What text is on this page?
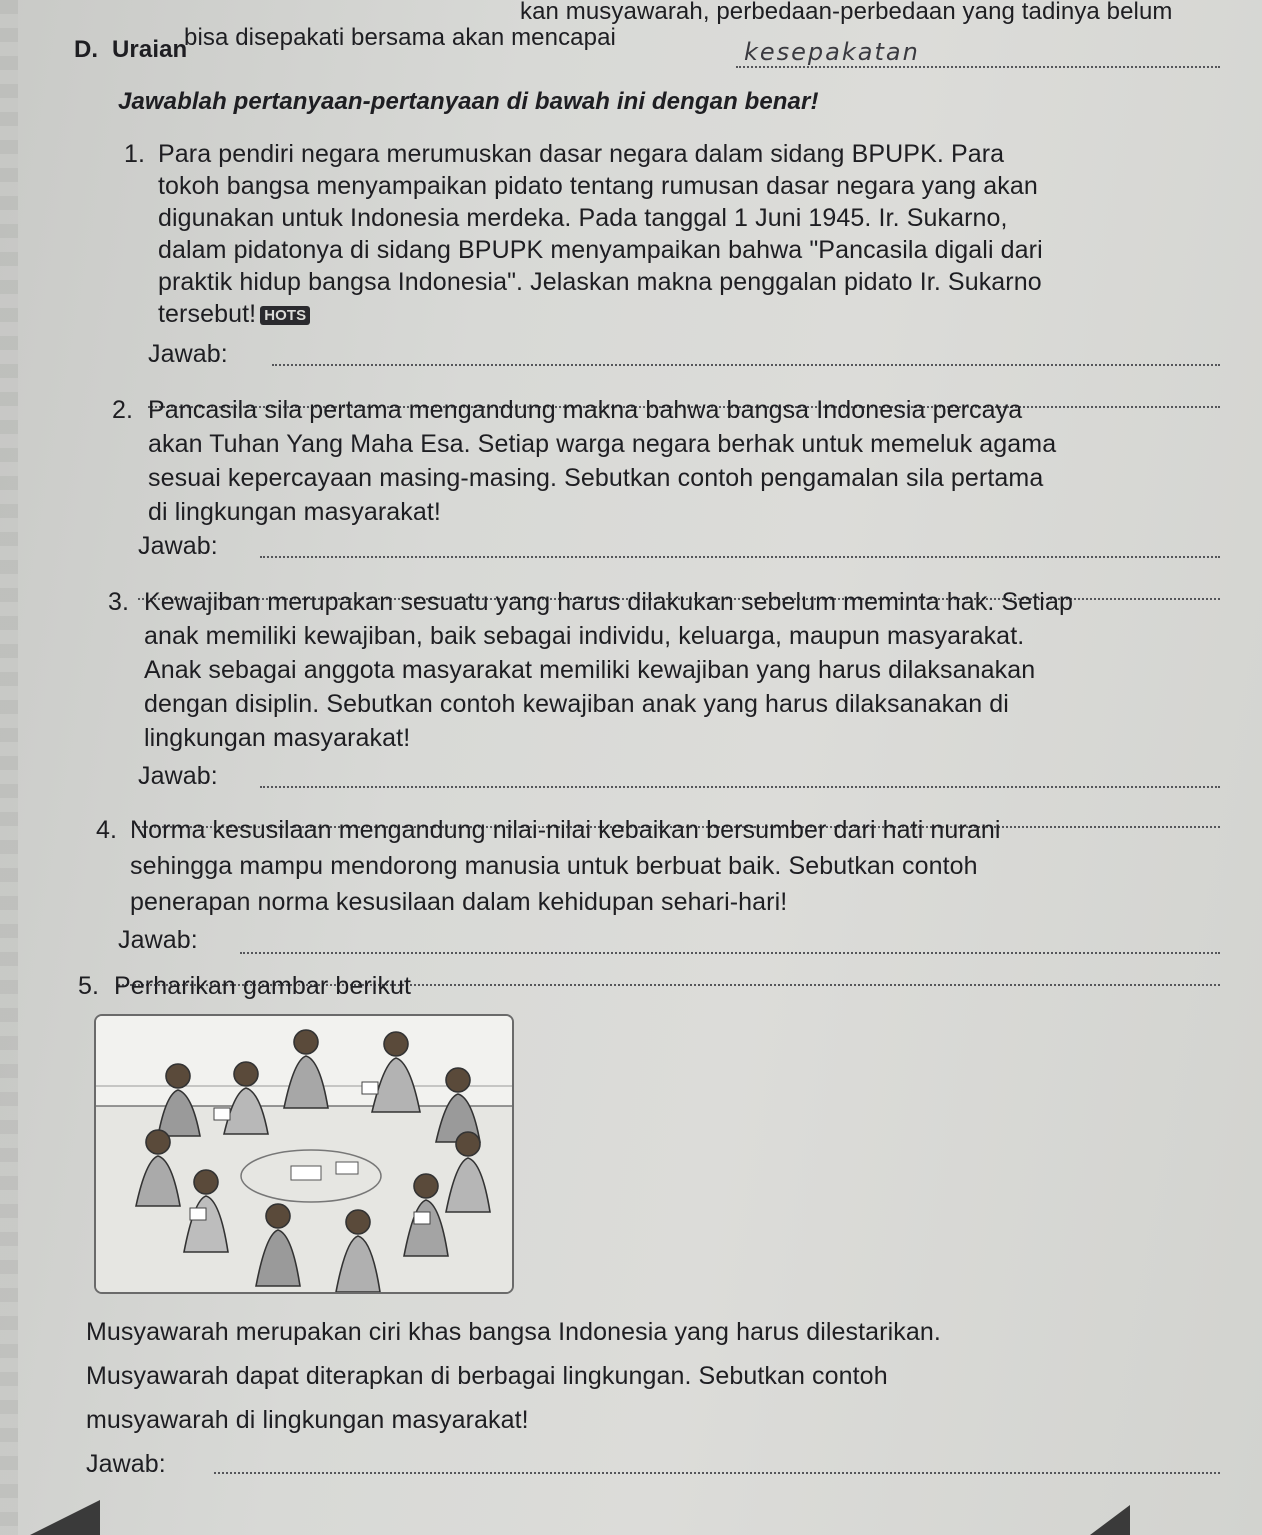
kan musyawarah, perbedaan-perbedaan yang tadinya belum
bisa disepakati bersama akan mencapai
kesepakatan
D. Uraian
Jawablah pertanyaan-pertanyaan di bawah ini dengan benar!
1. Para pendiri negara merumuskan dasar negara dalam sidang BPUPK. Para
tokoh bangsa menyampaikan pidato tentang rumusan dasar negara yang akan
digunakan untuk Indonesia merdeka. Pada tanggal 1 Juni 1945. Ir. Sukarno,
dalam pidatonya di sidang BPUPK menyampaikan bahwa "Pancasila digali dari
praktik hidup bangsa Indonesia". Jelaskan makna penggalan pidato Ir. Sukarno
tersebut! HOTS
Jawab:
2. Pancasila sila pertama mengandung makna bahwa bangsa Indonesia percaya
akan Tuhan Yang Maha Esa. Setiap warga negara berhak untuk memeluk agama
sesuai kepercayaan masing-masing. Sebutkan contoh pengamalan sila pertama
di lingkungan masyarakat!
Jawab:
3. Kewajiban merupakan sesuatu yang harus dilakukan sebelum meminta hak. Setiap
anak memiliki kewajiban, baik sebagai individu, keluarga, maupun masyarakat.
Anak sebagai anggota masyarakat memiliki kewajiban yang harus dilaksanakan
dengan disiplin. Sebutkan contoh kewajiban anak yang harus dilaksanakan di
lingkungan masyarakat!
Jawab:
4. Norma kesusilaan mengandung nilai-nilai kebaikan bersumber dari hati nurani
sehingga mampu mendorong manusia untuk berbuat baik. Sebutkan contoh
penerapan norma kesusilaan dalam kehidupan sehari-hari!
Jawab:
5. Perharikan gambar berikut
Musyawarah merupakan ciri khas bangsa Indonesia yang harus dilestarikan.
Musyawarah dapat diterapkan di berbagai lingkungan. Sebutkan contoh
musyawarah di lingkungan masyarakat!
Jawab:
